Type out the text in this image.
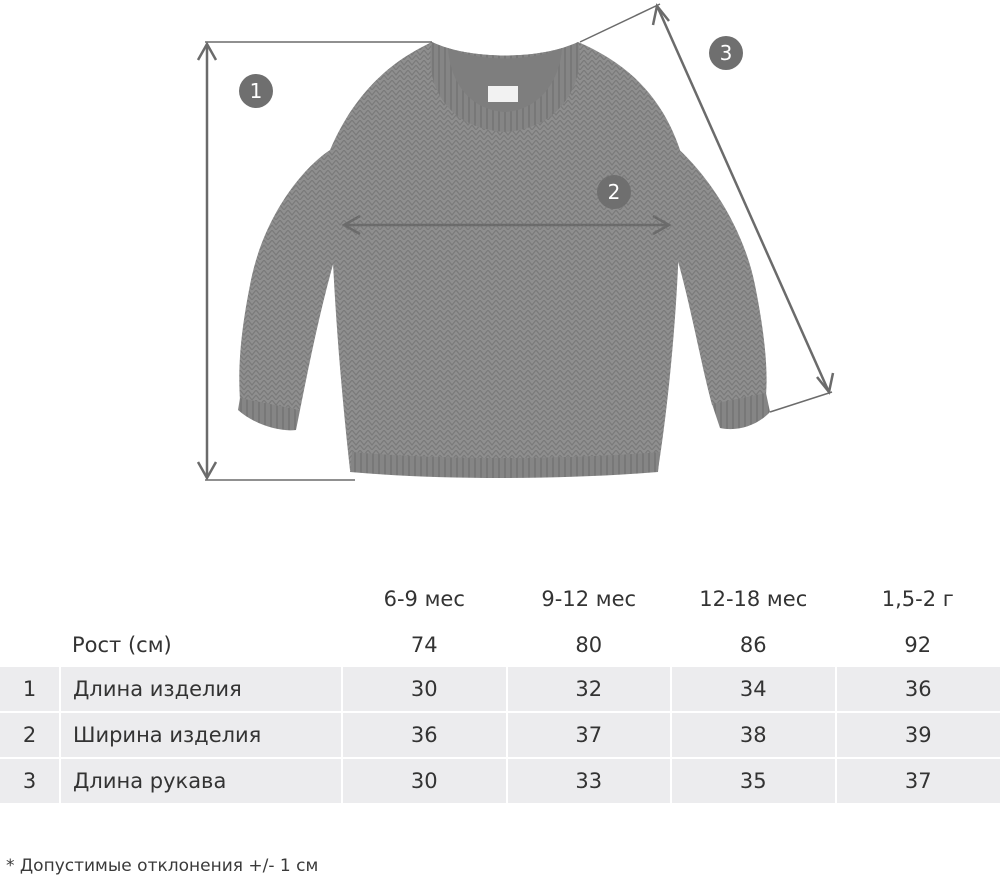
1
2
3
		6-9 мес	9-12 мес	12-18 мес	1,5-2 г
	Рост (см)	74	80	86	92
1	Длина изделия	30	32	34	36
2	Ширина изделия	36	37	38	39
3	Длина рукава	30	33	35	37
* Допустимые отклонения +/- 1 см
